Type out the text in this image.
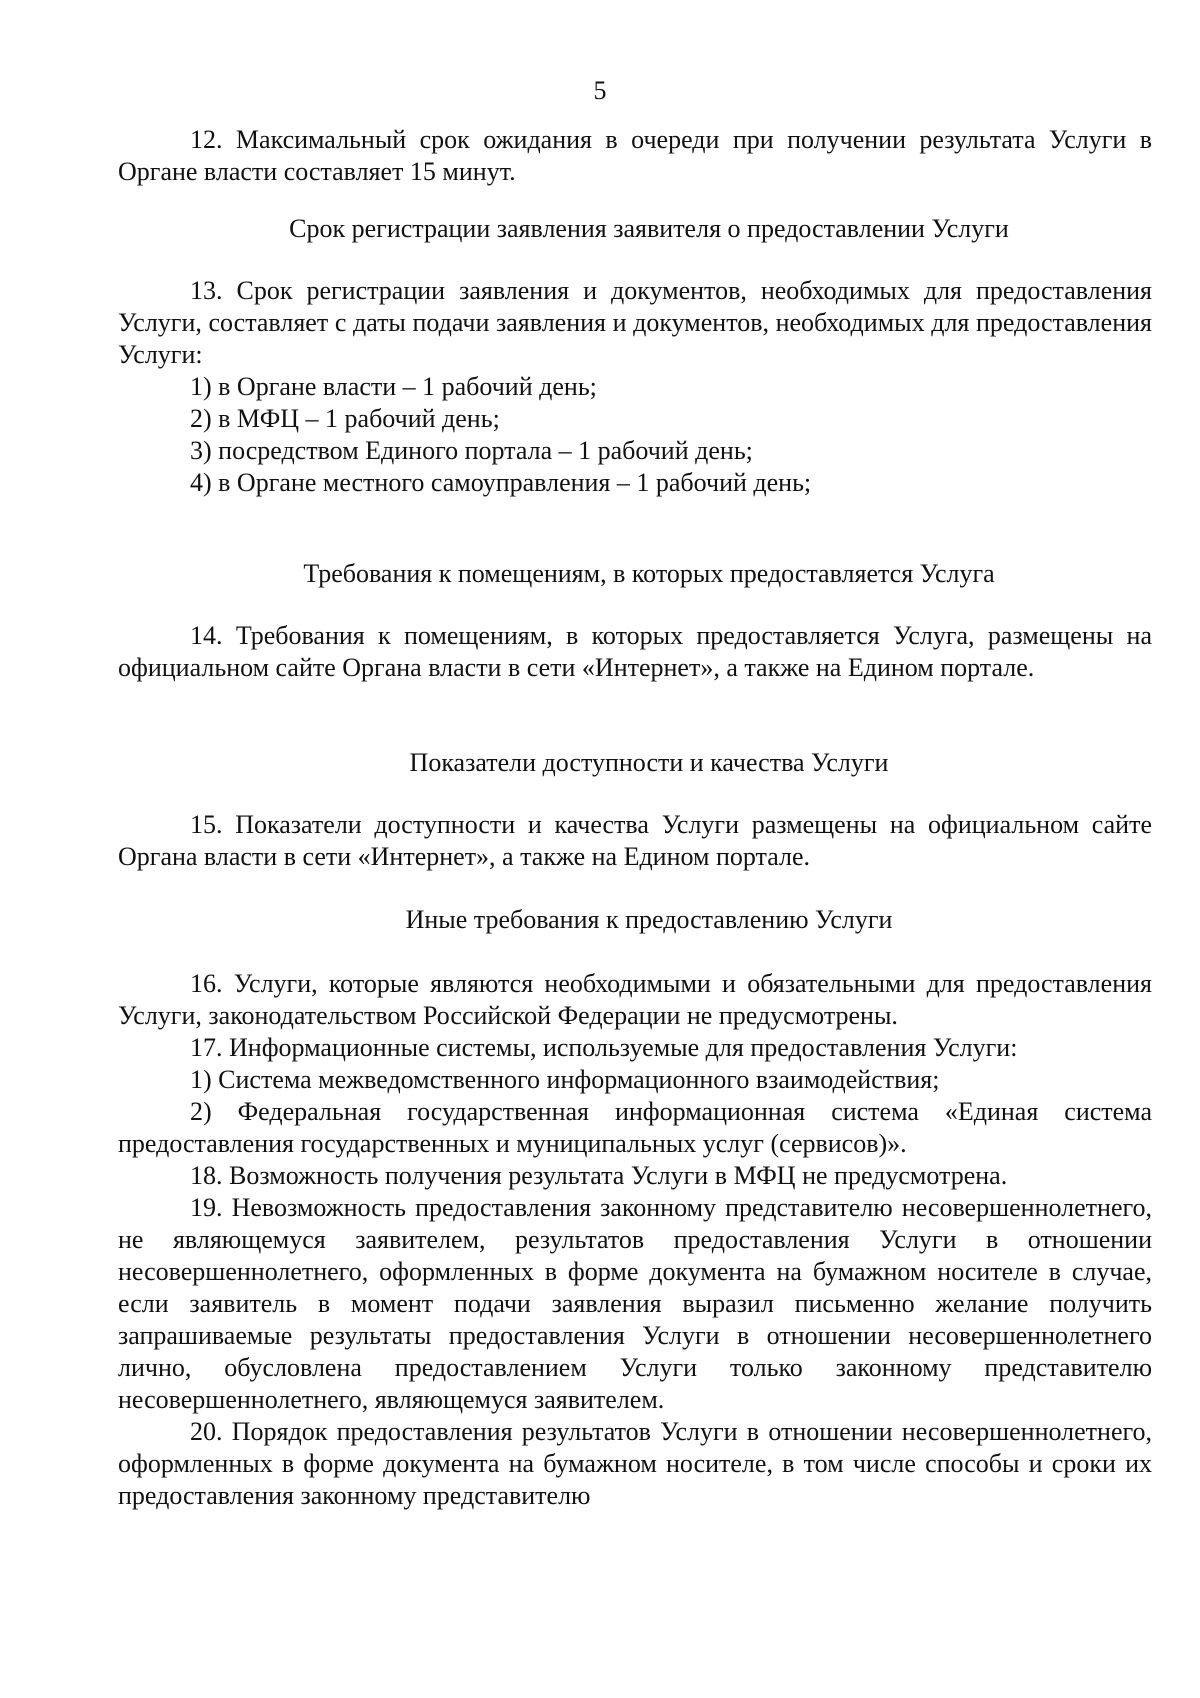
5

12. Максимальный срок ожидания в очереди при получении результата Услуги в Органе власти составляет 15 минут.

Срок регистрации заявления заявителя о предоставлении Услуги

13. Срок регистрации заявления и документов, необходимых для предоставления Услуги, составляет с даты подачи заявления и документов, необходимых для предоставления Услуги:

1) в Органе власти – 1 рабочий день;

2) в МФЦ – 1 рабочий день;

3) посредством Единого портала – 1 рабочий день;

4) в Органе местного самоуправления – 1 рабочий день;

Требования к помещениям, в которых предоставляется Услуга

14. Требования к помещениям, в которых предоставляется Услуга, размещены на официальном сайте Органа власти в сети «Интернет», а также на Едином портале.

Показатели доступности и качества Услуги

15. Показатели доступности и качества Услуги размещены на официальном сайте Органа власти в сети «Интернет», а также на Едином портале.

Иные требования к предоставлению Услуги

16. Услуги, которые являются необходимыми и обязательными для предоставления Услуги, законодательством Российской Федерации не предусмотрены.

17. Информационные системы, используемые для предоставления Услуги:

1) Система межведомственного информационного взаимодействия;

2) Федеральная государственная информационная система «Единая система предоставления государственных и муниципальных услуг (сервисов)».

18. Возможность получения результата Услуги в МФЦ не предусмотрена.

19. Невозможность предоставления законному представителю несовершеннолетнего, не являющемуся заявителем, результатов предоставления Услуги в отношении несовершеннолетнего, оформленных в форме документа на бумажном носителе в случае, если заявитель в момент подачи заявления выразил письменно желание получить запрашиваемые результаты предоставления Услуги в отношении несовершеннолетнего лично, обусловлена предоставлением Услуги только законному представителю несовершеннолетнего, являющемуся заявителем.

20. Порядок предоставления результатов Услуги в отношении несовершеннолетнего, оформленных в форме документа на бумажном носителе, в том числе способы и сроки их предоставления законному представителю
